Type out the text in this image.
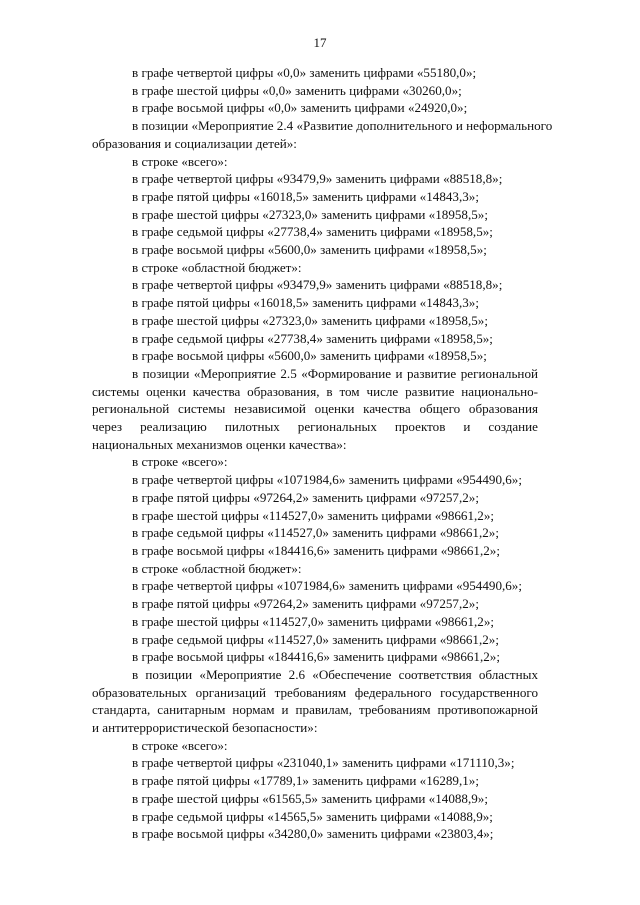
17
в графе четвертой цифры «0,0» заменить цифрами «55180,0»;
в графе шестой цифры «0,0» заменить цифрами «30260,0»;
в графе восьмой цифры «0,0» заменить цифрами «24920,0»;
в позиции «Мероприятие 2.4 «Развитие дополнительного и неформального
образования и социализации детей»:
в строке «всего»:
в графе четвертой цифры «93479,9» заменить цифрами «88518,8»;
в графе пятой цифры «16018,5» заменить цифрами «14843,3»;
в графе шестой цифры «27323,0» заменить цифрами «18958,5»;
в графе седьмой цифры «27738,4» заменить цифрами «18958,5»;
в графе восьмой цифры «5600,0» заменить цифрами «18958,5»;
в строке «областной бюджет»:
в графе четвертой цифры «93479,9» заменить цифрами «88518,8»;
в графе пятой цифры «16018,5» заменить цифрами «14843,3»;
в графе шестой цифры «27323,0» заменить цифрами «18958,5»;
в графе седьмой цифры «27738,4» заменить цифрами «18958,5»;
в графе восьмой цифры «5600,0» заменить цифрами «18958,5»;
в позиции «Мероприятие 2.5 «Формирование и развитие региональной
системы оценки качества образования, в том числе развитие национально-
региональной системы независимой оценки качества общего образования
через реализацию пилотных региональных проектов и создание
национальных механизмов оценки качества»:
в строке «всего»:
в графе четвертой цифры «1071984,6» заменить цифрами «954490,6»;
в графе пятой цифры «97264,2» заменить цифрами «97257,2»;
в графе шестой цифры «114527,0» заменить цифрами «98661,2»;
в графе седьмой цифры «114527,0» заменить цифрами «98661,2»;
в графе восьмой цифры «184416,6» заменить цифрами «98661,2»;
в строке «областной бюджет»:
в графе четвертой цифры «1071984,6» заменить цифрами «954490,6»;
в графе пятой цифры «97264,2» заменить цифрами «97257,2»;
в графе шестой цифры «114527,0» заменить цифрами «98661,2»;
в графе седьмой цифры «114527,0» заменить цифрами «98661,2»;
в графе восьмой цифры «184416,6» заменить цифрами «98661,2»;
в позиции «Мероприятие 2.6 «Обеспечение соответствия областных
образовательных организаций требованиям федерального государственного
стандарта, санитарным нормам и правилам, требованиям противопожарной
и антитеррористической безопасности»:
в строке «всего»:
в графе четвертой цифры «231040,1» заменить цифрами «171110,3»;
в графе пятой цифры «17789,1» заменить цифрами «16289,1»;
в графе шестой цифры «61565,5» заменить цифрами «14088,9»;
в графе седьмой цифры «14565,5» заменить цифрами «14088,9»;
в графе восьмой цифры «34280,0» заменить цифрами «23803,4»;
